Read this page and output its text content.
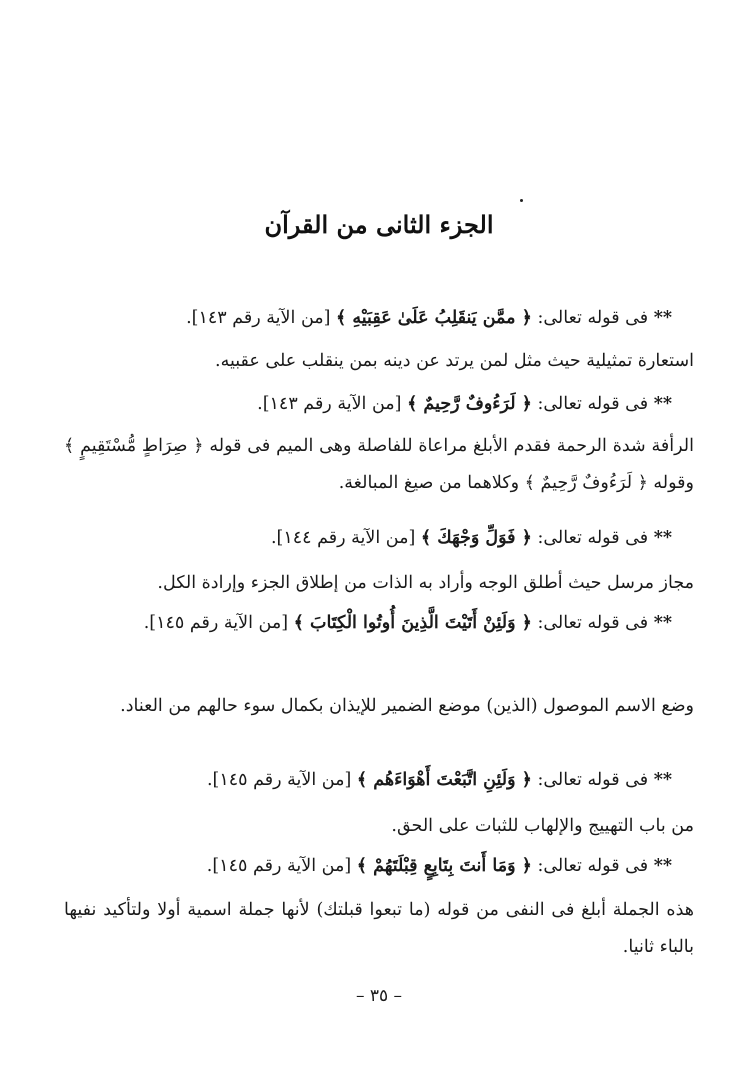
الجزء الثانى من القرآن
** فى قوله تعالى: ﴿ ممَّن يَنقَلِبُ عَلَىٰ عَقِبَيْهِ ﴾ [من الآية رقم ١٤٣].
استعارة تمثيلية حيث مثل لمن يرتد عن دينه بمن ينقلب على عقبيه.
** فى قوله تعالى: ﴿ لَرَءُوفٌ رَّحِيمٌ ﴾ [من الآية رقم ١٤٣].
الرأفة شدة الرحمة فقدم الأبلغ مراعاة للفاصلة وهى الميم فى قوله ﴿ صِرَاطٍ مُّسْتَقِيمٍ ﴾ وقوله ﴿ لَرَءُوفٌ رَّحِيمٌ ﴾ وكلاهما من صيغ المبالغة.
** فى قوله تعالى: ﴿ فَوَلِّ وَجْهَكَ ﴾ [من الآية رقم ١٤٤].
مجاز مرسل حيث أطلق الوجه وأراد به الذات من إطلاق الجزء وإرادة الكل.
** فى قوله تعالى: ﴿ وَلَئِنْ أَتَيْتَ الَّذِينَ أُوتُوا الْكِتَابَ ﴾ [من الآية رقم ١٤٥].
وضع الاسم الموصول (الذين) موضع الضمير للإيذان بكمال سوء حالهم من العناد.
** فى قوله تعالى: ﴿ وَلَئِنِ اتَّبَعْتَ أَهْوَاءَهُم ﴾ [من الآية رقم ١٤٥].
من باب التهييج والإلهاب للثبات على الحق.
** فى قوله تعالى: ﴿ وَمَا أَنتَ بِتَابِعٍ قِبْلَتَهُمْ ﴾ [من الآية رقم ١٤٥].
هذه الجملة أبلغ فى النفى من قوله (ما تبعوا قبلتك) لأنها جملة اسمية أولا ولتأكيد نفيها بالباء ثانيا.
– ٣٥ –
